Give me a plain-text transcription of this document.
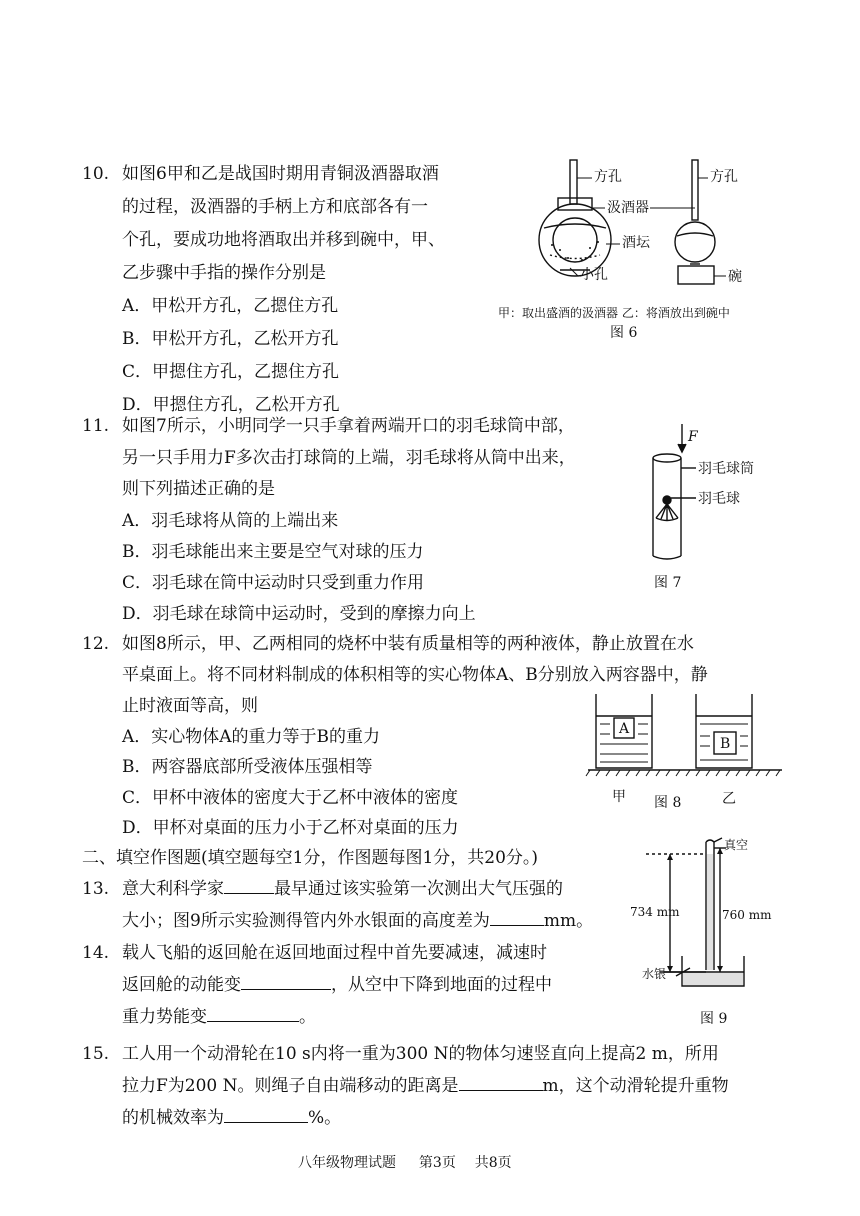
10. 如图6甲和乙是战国时期用青铜汲酒器取酒
的过程，汲酒器的手柄上方和底部各有一
个孔，要成功地将酒取出并移到碗中，甲、
乙步骤中手指的操作分别是
A．甲松开方孔，乙摁住方孔
B．甲松开方孔，乙松开方孔
C．甲摁住方孔，乙摁住方孔
D．甲摁住方孔，乙松开方孔
方孔	方孔
汲酒器
酒坛
小孔	碗
甲：取出盛酒的汲酒器 乙：将酒放出到碗中
图 6
11. 如图7所示，小明同学一只手拿着两端开口的羽毛球筒中部，
另一只手用力F多次击打球筒的上端，羽毛球将从筒中出来，
则下列描述正确的是
A．羽毛球将从筒的上端出来
B．羽毛球能出来主要是空气对球的压力
C．羽毛球在筒中运动时只受到重力作用
D．羽毛球在球筒中运动时，受到的摩擦力向上
F
羽毛球筒
羽毛球
图 7
12. 如图8所示，甲、乙两相同的烧杯中装有质量相等的两种液体，静止放置在水
平桌面上。将不同材料制成的体积相等的实心物体A、B分别放入两容器中，静
止时液面等高，则
A．实心物体A的重力等于B的重力
B．两容器底部所受液体压强相等
C．甲杯中液体的密度大于乙杯中液体的密度
D．甲杯对桌面的压力小于乙杯对桌面的压力
A
B
甲 图 8	乙
二、填空作图题(填空题每空1分，作图题每图1分，共20分。)
13. 意大利科学家	最早通过该实验第一次测出大气压强的
大小；图9所示实验测得管内外水银面的高度差为	mm。
真空
734 mm	760 mm
水银
图 9
14. 载人飞船的返回舱在返回地面过程中首先要减速，减速时
返回舱的动能变	，从空中下降到地面的过程中
重力势能变	。
15. 工人用一个动滑轮在10 s内将一重为300 N的物体匀速竖直向上提高2 m，所用
拉力F为200 N。则绳子自由端移动的距离是	m，这个动滑轮提升重物
的机械效率为	%。
八年级物理试题 第3页 共8页
